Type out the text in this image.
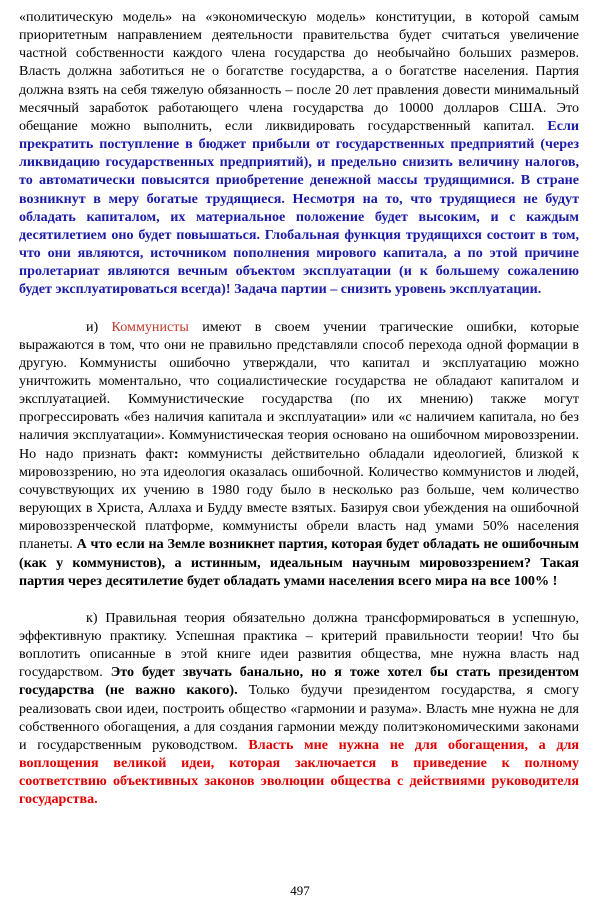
«политическую модель» на «экономическую модель» конституции, в которой самым приоритетным направлением деятельности правительства будет считаться увеличение частной собственности каждого члена государства до необычайно больших размеров. Власть должна заботиться не о богатстве государства, а о богатстве населения. Партия должна взять на себя тяжелую обязанность – после 20 лет правления довести минимальный месячный заработок работающего члена государства до 10000 долларов США. Это обещание можно выполнить, если ликвидировать государственный капитал. Если прекратить поступление в бюджет прибыли от государственных предприятий (через ликвидацию государственных предприятий), и предельно снизить величину налогов, то автоматически повысятся приобретение денежной массы трудящимися. В стране возникнут в меру богатые трудящиеся. Несмотря на то, что трудящиеся не будут обладать капиталом, их материальное положение будет высоким, и с каждым десятилетием оно будет повышаться. Глобальная функция трудящихся состоит в том, что они являются, источником пополнения мирового капитала, а по этой причине пролетариат являются вечным объектом эксплуатации (и к большему сожалению будет эксплуатироваться всегда)! Задача партии – снизить уровень эксплуатации.

и) Коммунисты имеют в своем учении трагические ошибки, которые выражаются в том, что они не правильно представляли способ перехода одной формации в другую. Коммунисты ошибочно утверждали, что капитал и эксплуатацию можно уничтожить моментально, что социалистические государства не обладают капиталом и эксплуатацией. Коммунистические государства (по их мнению) также могут прогрессировать «без наличия капитала и эксплуатации» или «с наличием капитала, но без наличия эксплуатации». Коммунистическая теория основано на ошибочном мировоззрении. Но надо признать факт: коммунисты действительно обладали идеологией, близкой к мировоззрению, но эта идеология оказалась ошибочной. Количество коммунистов и людей, сочувствующих их учению в 1980 году было в несколько раз больше, чем количество верующих в Христа, Аллаха и Будду вместе взятых. Базируя свои убеждения на ошибочной мировоззренческой платформе, коммунисты обрели власть над умами 50% населения планеты. А что если на Земле возникнет партия, которая будет обладать не ошибочным (как у коммунистов), а истинным, идеальным научным мировоззрением? Такая партия через десятилетие будет обладать умами населения всего мира на все 100% !

к) Правильная теория обязательно должна трансформироваться в успешную, эффективную практику. Успешная практика – критерий правильности теории! Что бы воплотить описанные в этой книге идеи развития общества, мне нужна власть над государством. Это будет звучать банально, но я тоже хотел бы стать президентом государства (не важно какого). Только будучи президентом государства, я смогу реализовать свои идеи, построить общество «гармонии и разума». Власть мне нужна не для собственного обогащения, а для создания гармонии между политэкономическими законами и государственным руководством. Власть мне нужна не для обогащения, а для воплощения великой идеи, которая заключается в приведение к полному соответствию объективных законов эволюции общества с действиями руководителя государства.

497
